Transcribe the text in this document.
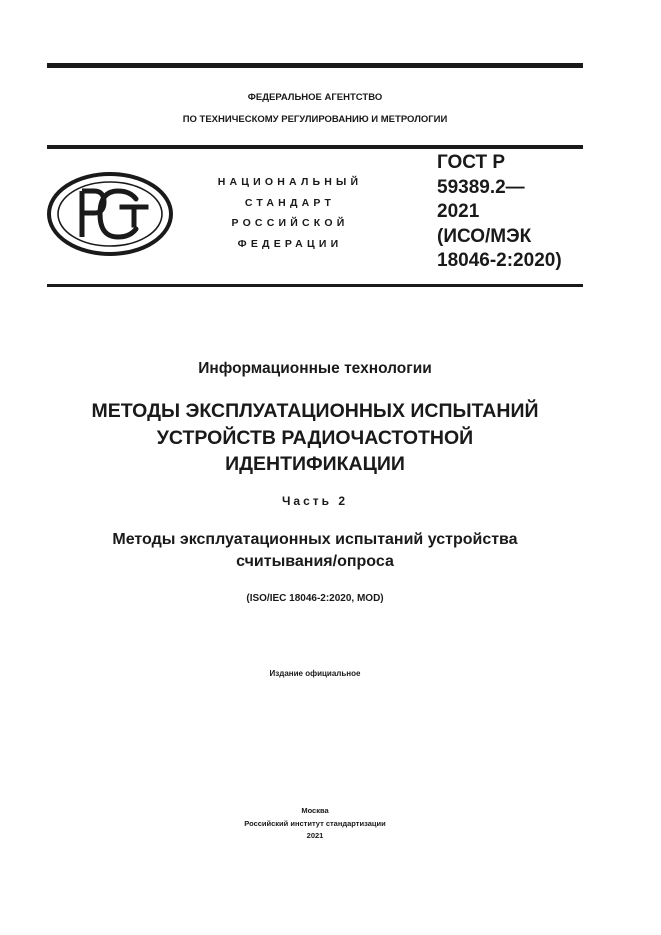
ФЕДЕРАЛЬНОЕ АГЕНТСТВО
ПО ТЕХНИЧЕСКОМУ РЕГУЛИРОВАНИЮ И МЕТРОЛОГИИ
НАЦИОНАЛЬНЫЙ
СТАНДАРТ
РОССИЙСКОЙ
ФЕДЕРАЦИИ
ГОСТ Р
59389.2—
2021
(ИСО/МЭК
18046-2:2020)
Информационные технологии
МЕТОДЫ ЭКСПЛУАТАЦИОННЫХ ИСПЫТАНИЙ
УСТРОЙСТВ РАДИОЧАСТОТНОЙ
ИДЕНТИФИКАЦИИ
Часть 2
Методы эксплуатационных испытаний устройства
считывания/опроса
(ISO/IEC 18046-2:2020, MOD)
Издание официальное
Москва
Российский институт стандартизации
2021
